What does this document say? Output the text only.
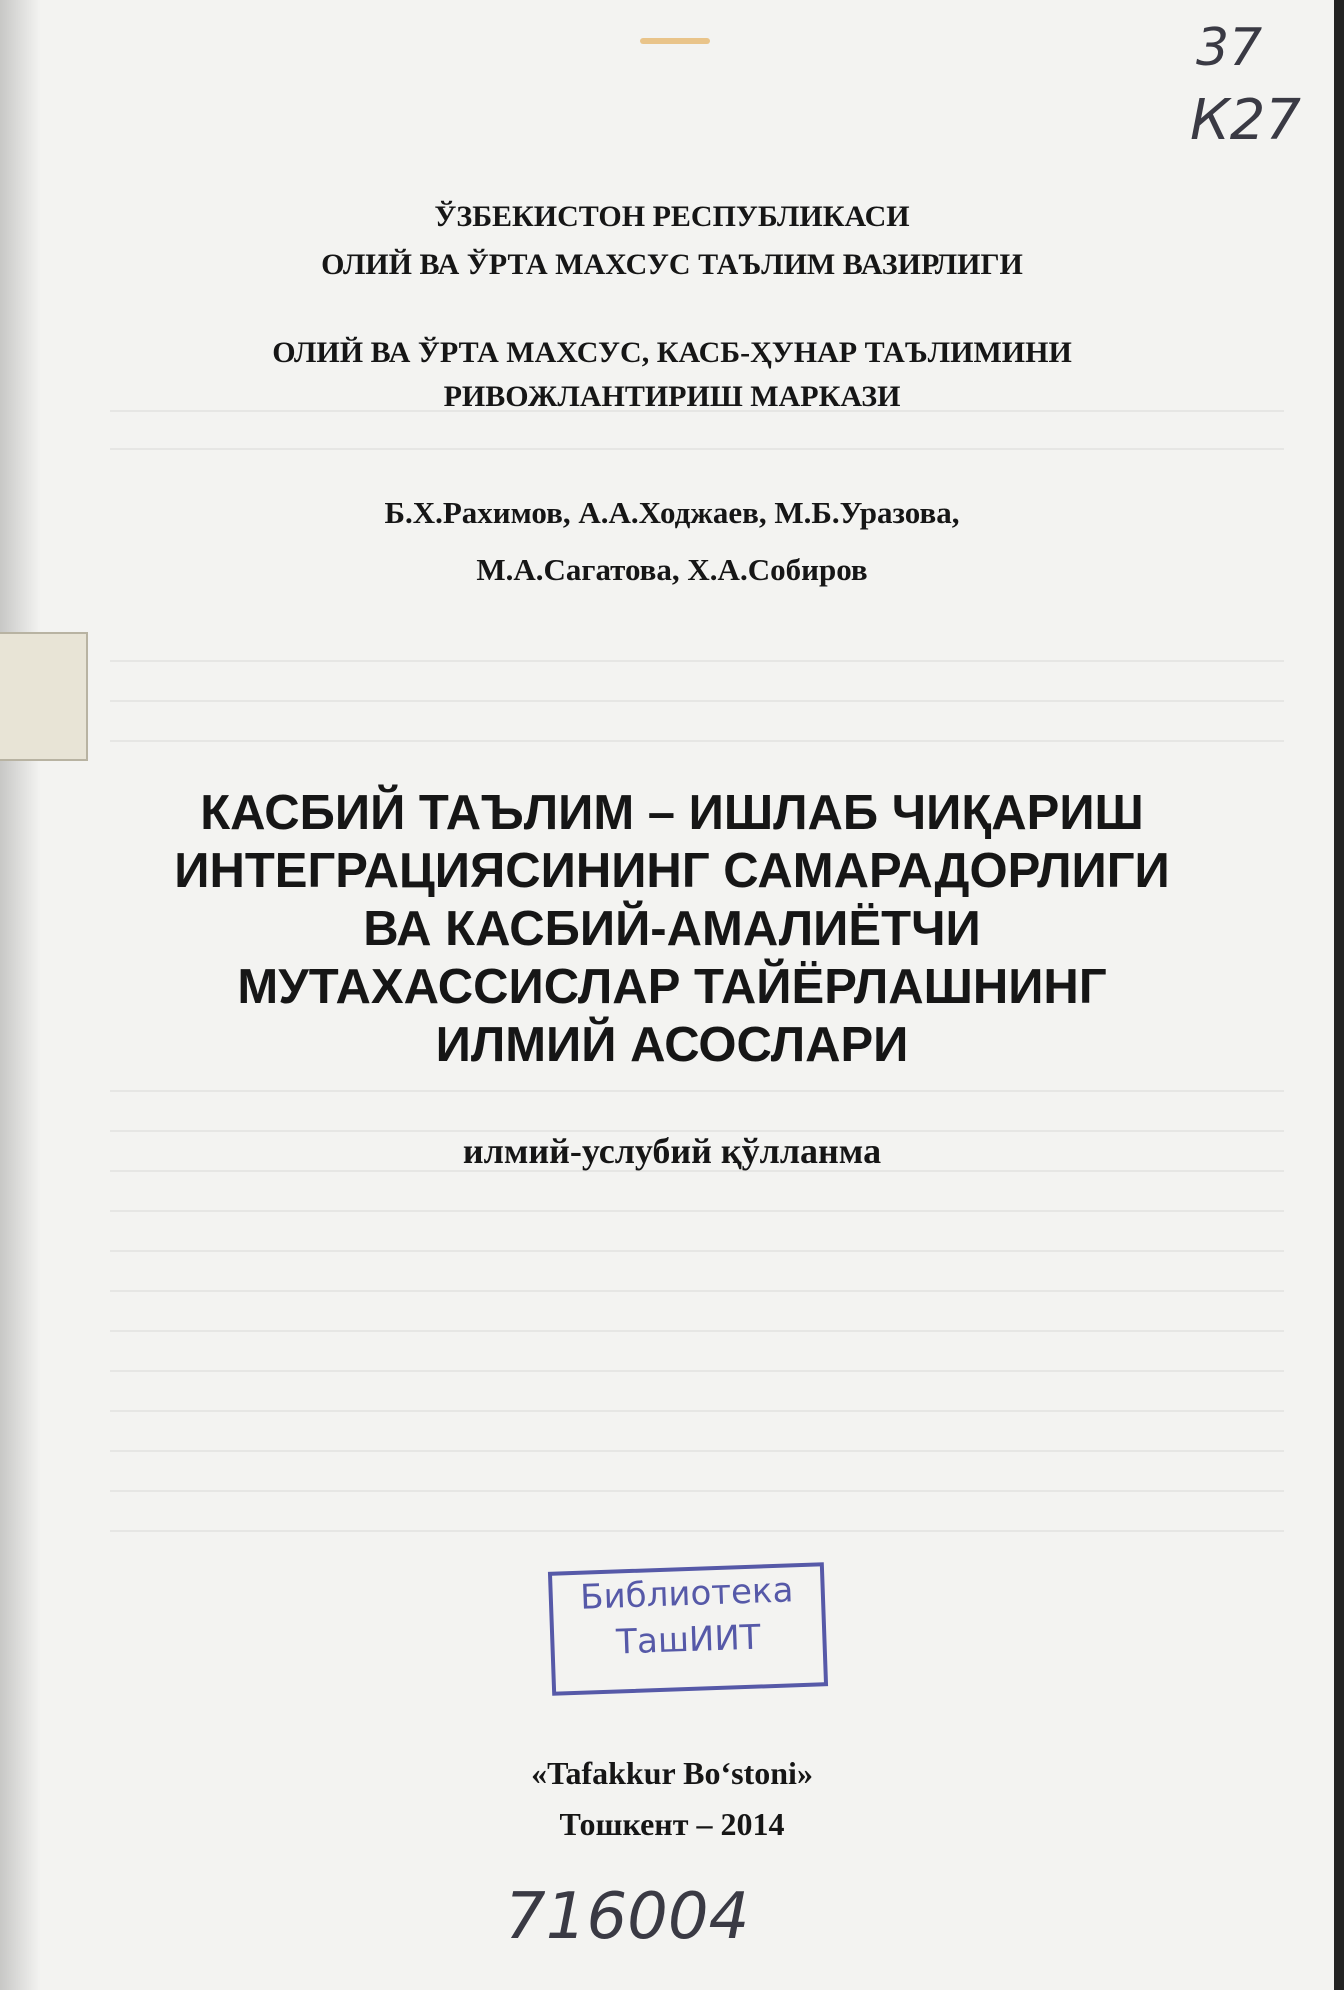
37
К27
ЎЗБЕКИСТОН РЕСПУБЛИКАСИ
ОЛИЙ ВА ЎРТА МАХСУС ТАЪЛИМ ВАЗИРЛИГИ
ОЛИЙ ВА ЎРТА МАХСУС, КАСБ-ҲУНАР ТАЪЛИМИНИ
РИВОЖЛАНТИРИШ МАРКАЗИ
Б.Х.Рахимов, А.А.Ходжаев, М.Б.Уразова,
М.А.Сагатова, Х.А.Собиров
КАСБИЙ ТАЪЛИМ – ИШЛАБ ЧИҚАРИШ
ИНТЕГРАЦИЯСИНИНГ САМАРАДОРЛИГИ
ВА КАСБИЙ-АМАЛИЁТЧИ
МУТАХАССИСЛАР ТАЙЁРЛАШНИНГ
ИЛМИЙ АСОСЛАРИ
илмий-услубий қўлланма
Библиотека
ТашИИТ
«Tafakkur Bo‘stoni»
Тошкент – 2014
716004
